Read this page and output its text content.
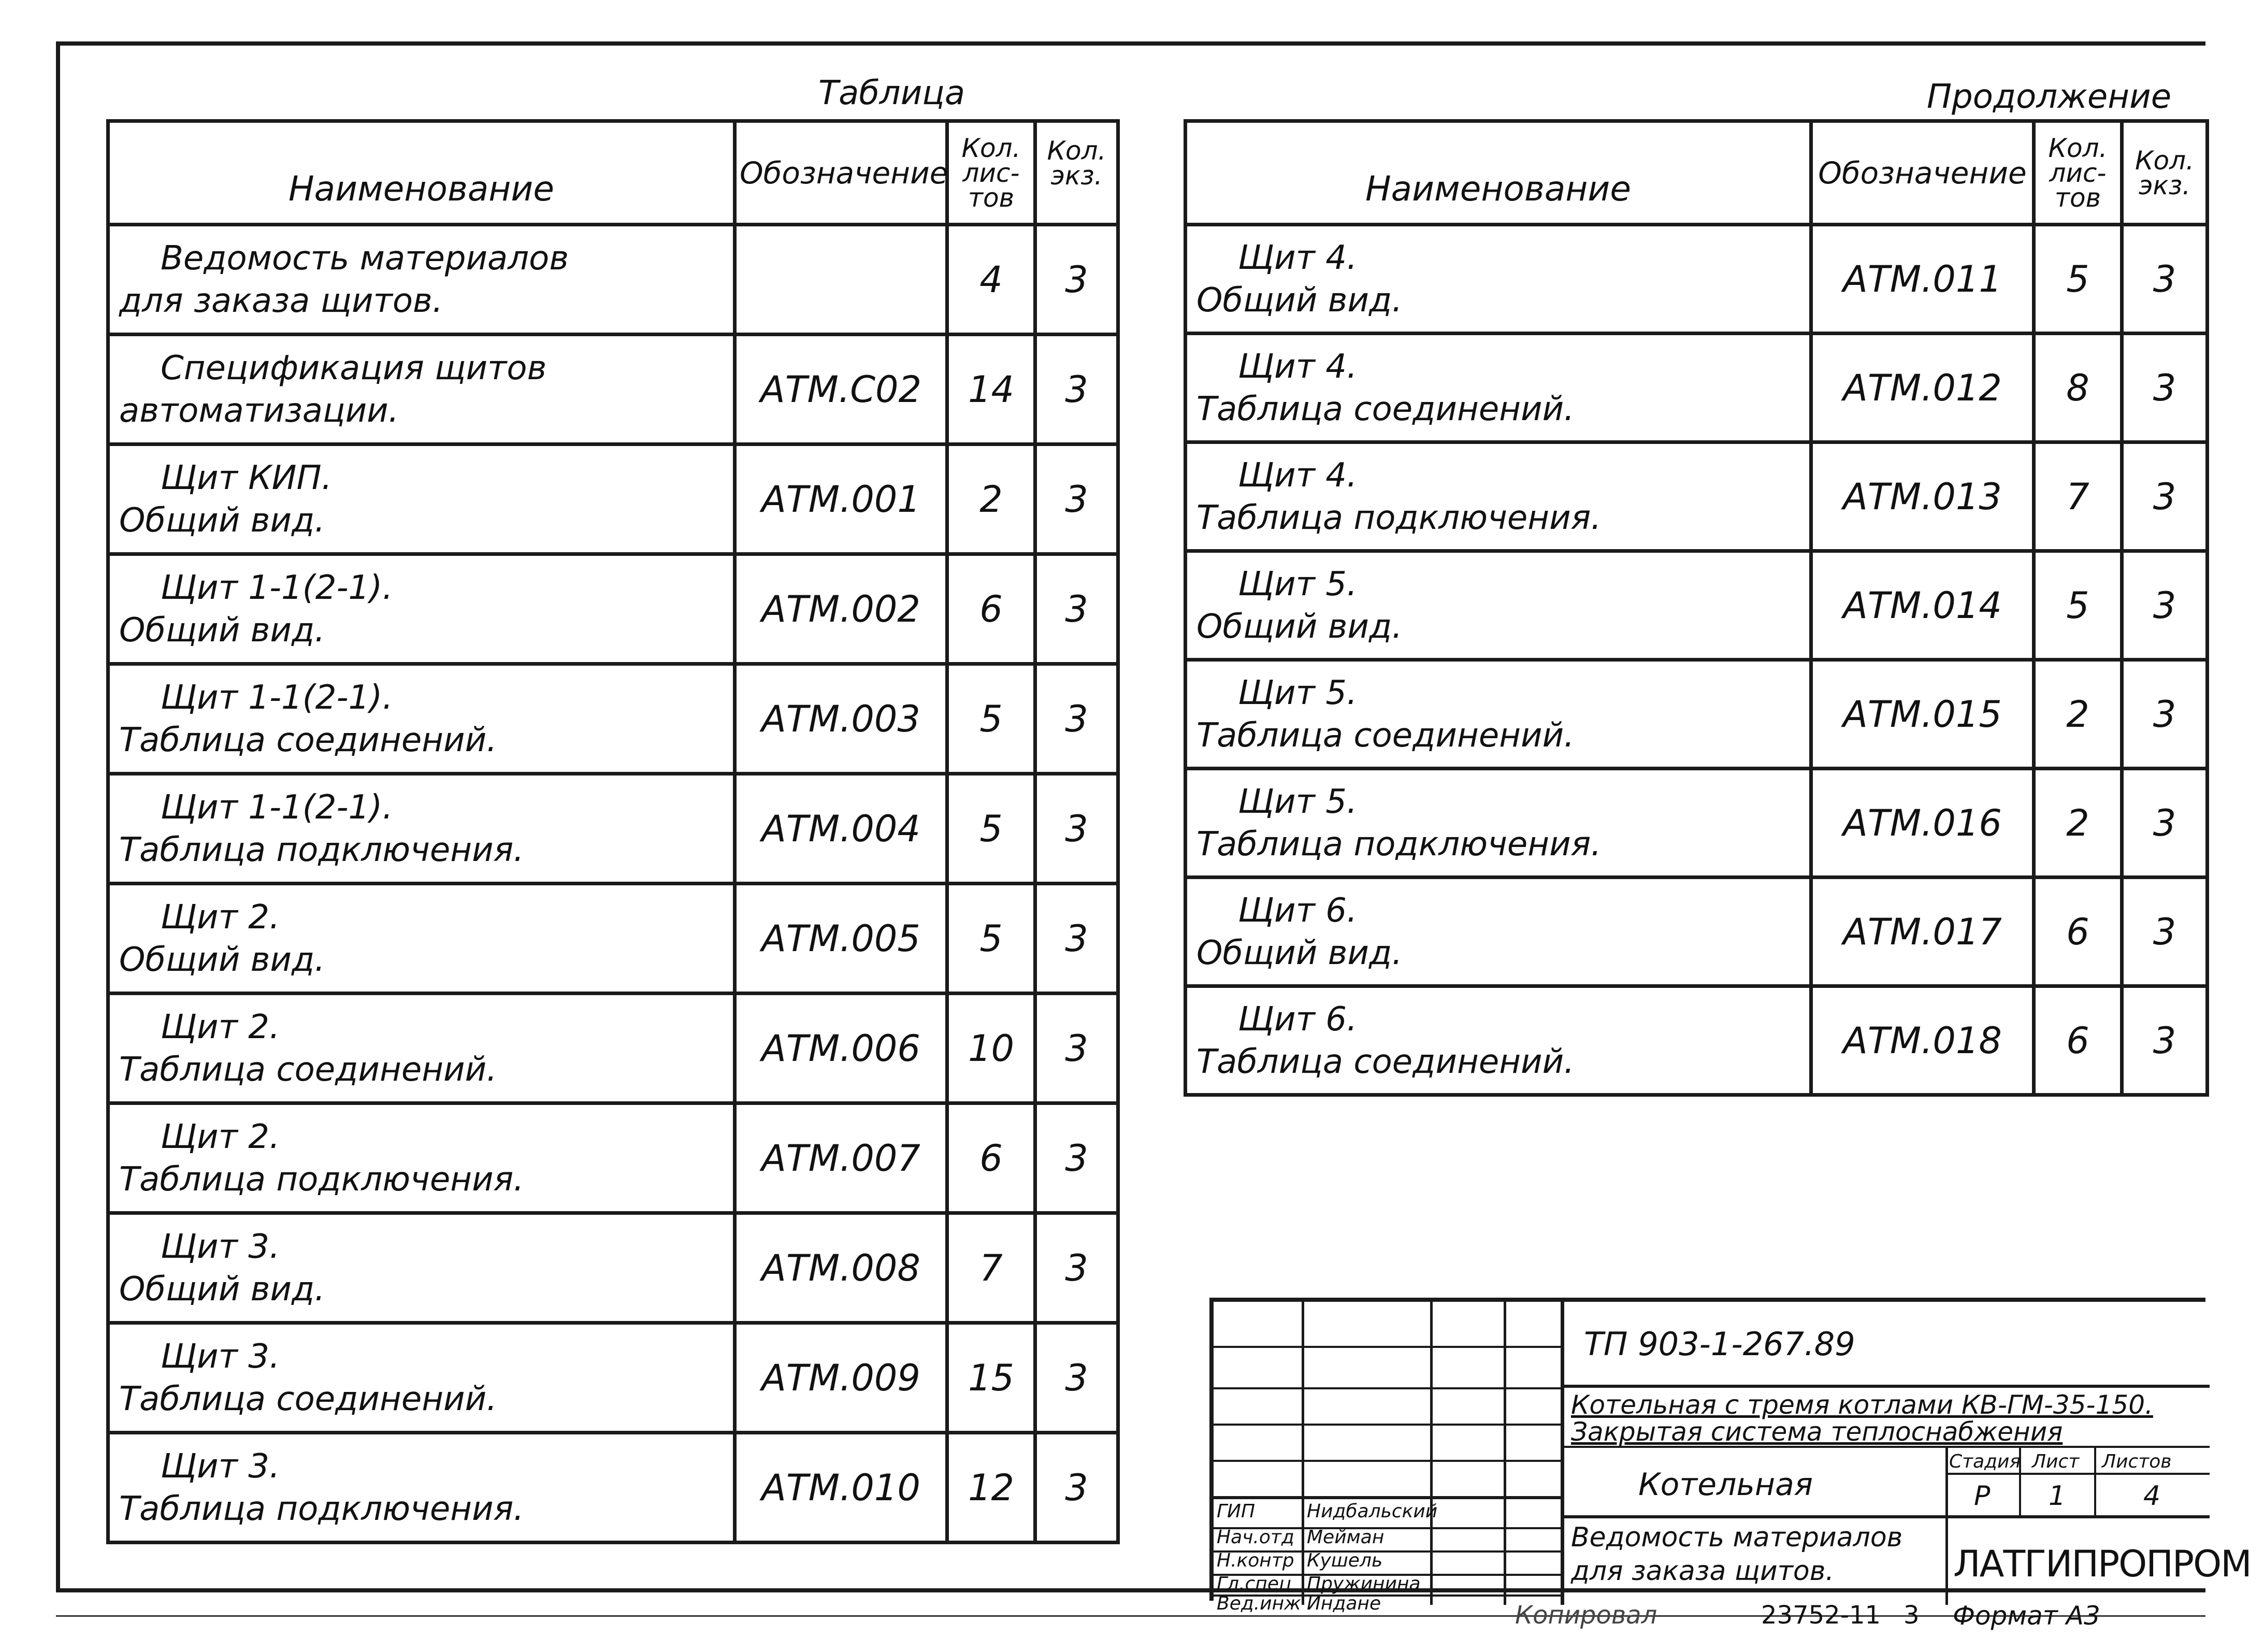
Таблица	Продолжение
Наименование	Обозначение	Кол.
лис-
тов	Кол.
экз.

Ведомость материалов
для заказа щитов.		4	3

Спецификация щитов
автоматизации.	АТМ.С02	14	3

Щит КИП.
Общий вид.	АТМ.001	2	3

Щит 1-1(2-1).
Общий вид.	АТМ.002	6	3

Щит 1-1(2-1).
Таблица соединений.	АТМ.003	5	3

Щит 1-1(2-1).
Таблица подключения.	АТМ.004	5	3

Щит 2.
Общий вид.	АТМ.005	5	3

Щит 2.
Таблица соединений.	АТМ.006	10	3

Щит 2.
Таблица подключения.	АТМ.007	6	3

Щит 3.
Общий вид.	АТМ.008	7	3

Щит 3.
Таблица соединений.	АТМ.009	15	3

Щит 3.
Таблица подключения.	АТМ.010	12	3
Наименование	Обозначение	Кол.
лис-
тов	Кол.
экз.

Щит 4.
Общий вид.	АТМ.011	5	3

Щит 4.
Таблица соединений.	АТМ.012	8	3

Щит 4.
Таблица подключения.	АТМ.013	7	3

Щит 5.
Общий вид.	АТМ.014	5	3

Щит 5.
Таблица соединений.	АТМ.015	2	3

Щит 5.
Таблица подключения.	АТМ.016	2	3

Щит 6.
Общий вид.	АТМ.017	6	3

Щит 6.
Таблица соединений.	АТМ.018	6	3
ГИП	Нидбальский
Нач.отд Мейман
Н.контр Кушель
Гл.спец Пружинина
Вед.инж Индане
ТП 903-1-267.89
Котельная с тремя котлами КВ-ГМ-35-150.
Закрытая система теплоснабжения
Котельная
Стадия Лист Листов
Р 1	4
Ведомость материалов
для заказа щитов.	ЛАТГИПРОПРОМ
Копировал	23752-11 3 Формат А3
